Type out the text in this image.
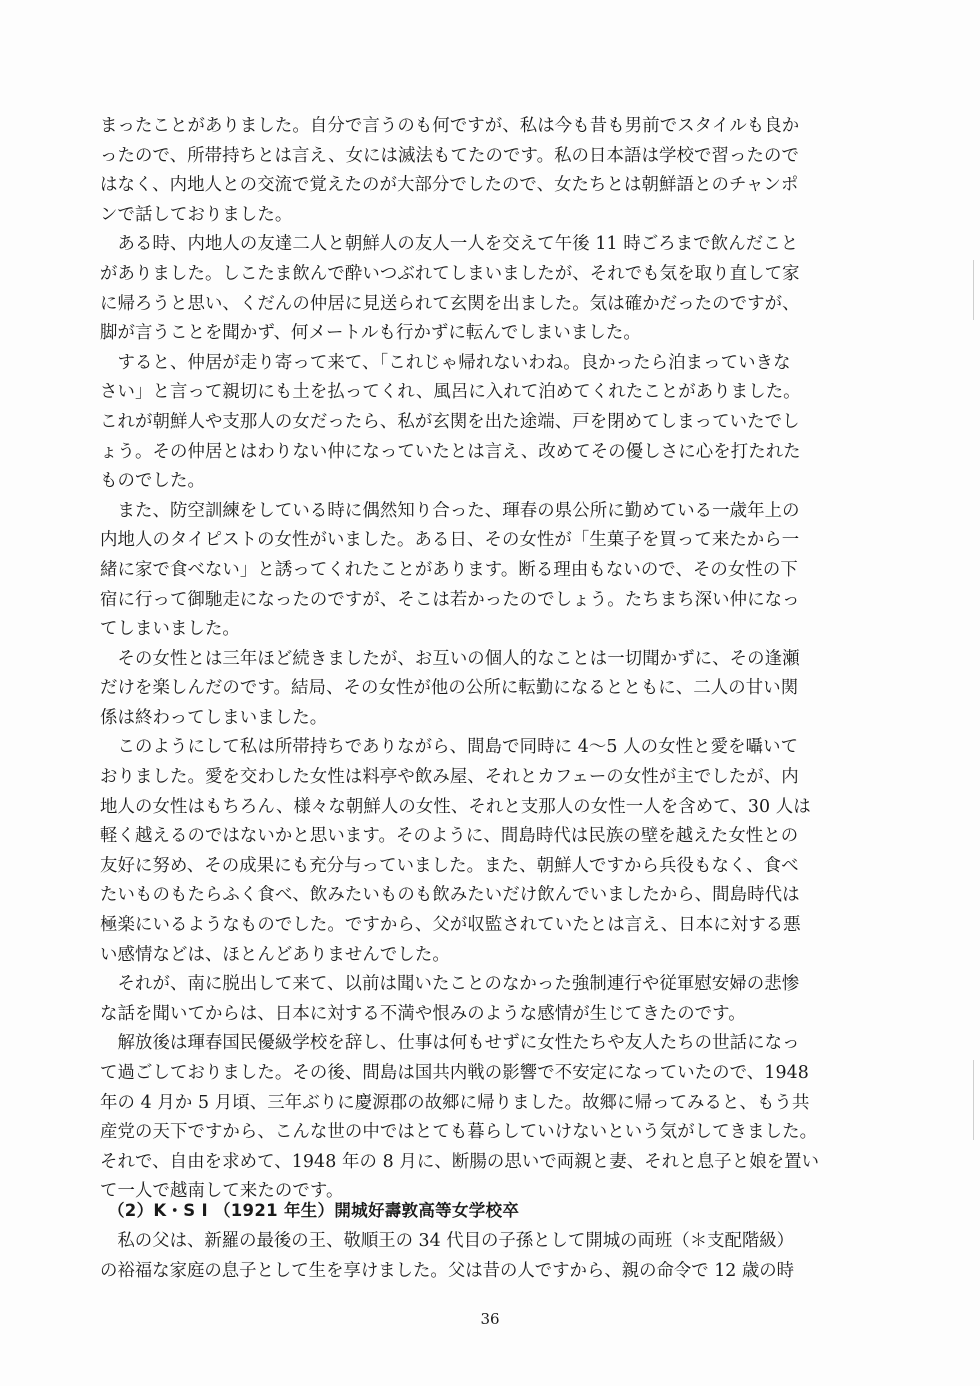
まったことがありました。自分で言うのも何ですが、私は今も昔も男前でスタイルも良か
ったので、所帯持ちとは言え、女には滅法もてたのです。私の日本語は学校で習ったので
はなく、内地人との交流で覚えたのが大部分でしたので、女たちとは朝鮮語とのチャンポ
ンで話しておりました。
　ある時、内地人の友達二人と朝鮮人の友人一人を交えて午後 11 時ごろまで飲んだこと
がありました。しこたま飲んで酔いつぶれてしまいましたが、それでも気を取り直して家
に帰ろうと思い、くだんの仲居に見送られて玄関を出ました。気は確かだったのですが、
脚が言うことを聞かず、何メートルも行かずに転んでしまいました。
　すると、仲居が走り寄って来て、「これじゃ帰れないわね。良かったら泊まっていきな
さい」と言って親切にも土を払ってくれ、風呂に入れて泊めてくれたことがありました。
これが朝鮮人や支那人の女だったら、私が玄関を出た途端、戸を閉めてしまっていたでし
ょう。その仲居とはわりない仲になっていたとは言え、改めてその優しさに心を打たれた
ものでした。
　また、防空訓練をしている時に偶然知り合った、琿春の県公所に勤めている一歳年上の
内地人のタイピストの女性がいました。ある日、その女性が「生菓子を買って来たから一
緒に家で食べない」と誘ってくれたことがあります。断る理由もないので、その女性の下
宿に行って御馳走になったのですが、そこは若かったのでしょう。たちまち深い仲になっ
てしまいました。
　その女性とは三年ほど続きましたが、お互いの個人的なことは一切聞かずに、その逢瀬
だけを楽しんだのです。結局、その女性が他の公所に転勤になるとともに、二人の甘い関
係は終わってしまいました。
　このようにして私は所帯持ちでありながら、間島で同時に 4〜5 人の女性と愛を囁いて
おりました。愛を交わした女性は料亭や飲み屋、それとカフェーの女性が主でしたが、内
地人の女性はもちろん、様々な朝鮮人の女性、それと支那人の女性一人を含めて、30 人は
軽く越えるのではないかと思います。そのように、間島時代は民族の壁を越えた女性との
友好に努め、その成果にも充分与っていました。また、朝鮮人ですから兵役もなく、食べ
たいものもたらふく食べ、飲みたいものも飲みたいだけ飲んでいましたから、間島時代は
極楽にいるようなものでした。ですから、父が収監されていたとは言え、日本に対する悪
い感情などは、ほとんどありませんでした。
　それが、南に脱出して来て、以前は聞いたことのなかった強制連行や従軍慰安婦の悲惨
な話を聞いてからは、日本に対する不満や恨みのような感情が生じてきたのです。
　解放後は琿春国民優級学校を辞し、仕事は何もせずに女性たちや友人たちの世話になっ
て過ごしておりました。その後、間島は国共内戦の影響で不安定になっていたので、1948
年の 4 月か 5 月頃、三年ぶりに慶源郡の故郷に帰りました。故郷に帰ってみると、もう共
産党の天下ですから、こんな世の中ではとても暮らしていけないという気がしてきました。
それで、自由を求めて、1948 年の 8 月に、断腸の思いで両親と妻、それと息子と娘を置い
て一人で越南して来たのです。
（2）K・S I （1921 年生）開城好壽敦高等女学校卒
　私の父は、新羅の最後の王、敬順王の 34 代目の子孫として開城の両班（＊支配階級）
の裕福な家庭の息子として生を享けました。父は昔の人ですから、親の命令で 12 歳の時
36
